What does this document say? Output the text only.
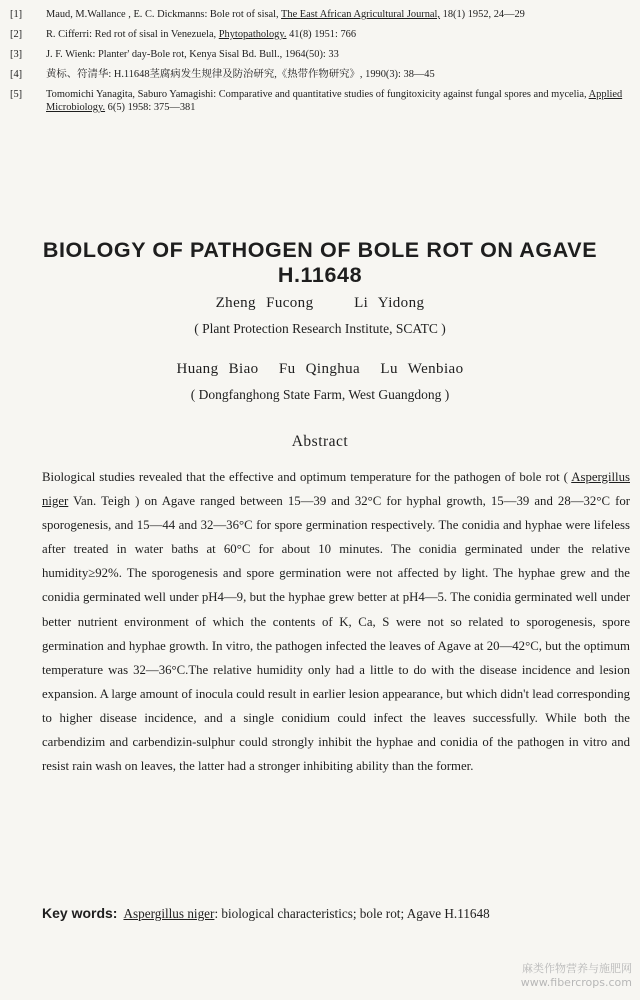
[1]	Maud, M.Wallance , E. C. Dickmanns: Bole rot of sisal, The East African Agricultural Journal, 18(1) 1952, 24—29
[2]	R. Cifferri: Red rot of sisal in Venezuela, Phytopathology. 41(8) 1951: 766
[3]	J. F. Wienk: Planter' day-Bole rot, Kenya Sisal Bd. Bull., 1964(50): 33
[4]	黄标、符清华: H.11648茎腐病发生规律及防治研究,《热带作物研究》, 1990(3): 38—45
[5]	Tomomichi Yanagita, Saburo Yamagishi: Comparative and quantitative studies of fungitoxicity against fungal spores and mycelia, Applied Microbiology. 6(5) 1958: 375—381
BIOLOGY OF PATHOGEN OF BOLE ROT ON AGAVE H.11648
Zheng Fucong    Li Yidong
( Plant Protection Research Institute, SCATC )
Huang Biao  Fu Qinghua  Lu Wenbiao
( Dongfanghong State Farm, West Guangdong )
Abstract
Biological studies revealed that the effective and optimum temperature for the pathogen of bole rot ( Aspergillus niger Van. Teigh ) on Agave ranged between 15—39 and 32°C for hyphal growth, 15—39 and 28—32°C for sporogenesis, and 15—44 and 32—36°C for spore germination respectively. The conidia and hyphae were lifeless after treated in water baths at 60°C for about 10 minutes. The conidia germinated under the relative humidity≥92%. The sporogenesis and spore germination were not affected by light. The hyphae grew and the conidia germinated well under pH4—9, but the hyphae grew better at pH4—5. The conidia germinated well under better nutrient environment of which the contents of K, Ca, S were not so related to sporogenesis, spore germination and hyphae growth. In vitro, the pathogen infected the leaves of Agave at 20—42°C, but the optimum temperature was 32—36°C.The relative humidity only had a little to do with the disease incidence and lesion expansion. A large amount of inocula could result in earlier lesion appearance, but which didn't lead corresponding to higher disease incidence, and a single conidium could infect the leaves successfully. While both the carbendizim and carbendizin-sulphur could strongly inhibit the hyphae and conidia of the pathogen in vitro and resist rain wash on leaves, the latter had a stronger inhibiting ability than the former.
Key words: Aspergillus niger: biological characteristics; bole rot; Agave H.11648
麻类作物营养与施肥网
www.fibercrops.com
